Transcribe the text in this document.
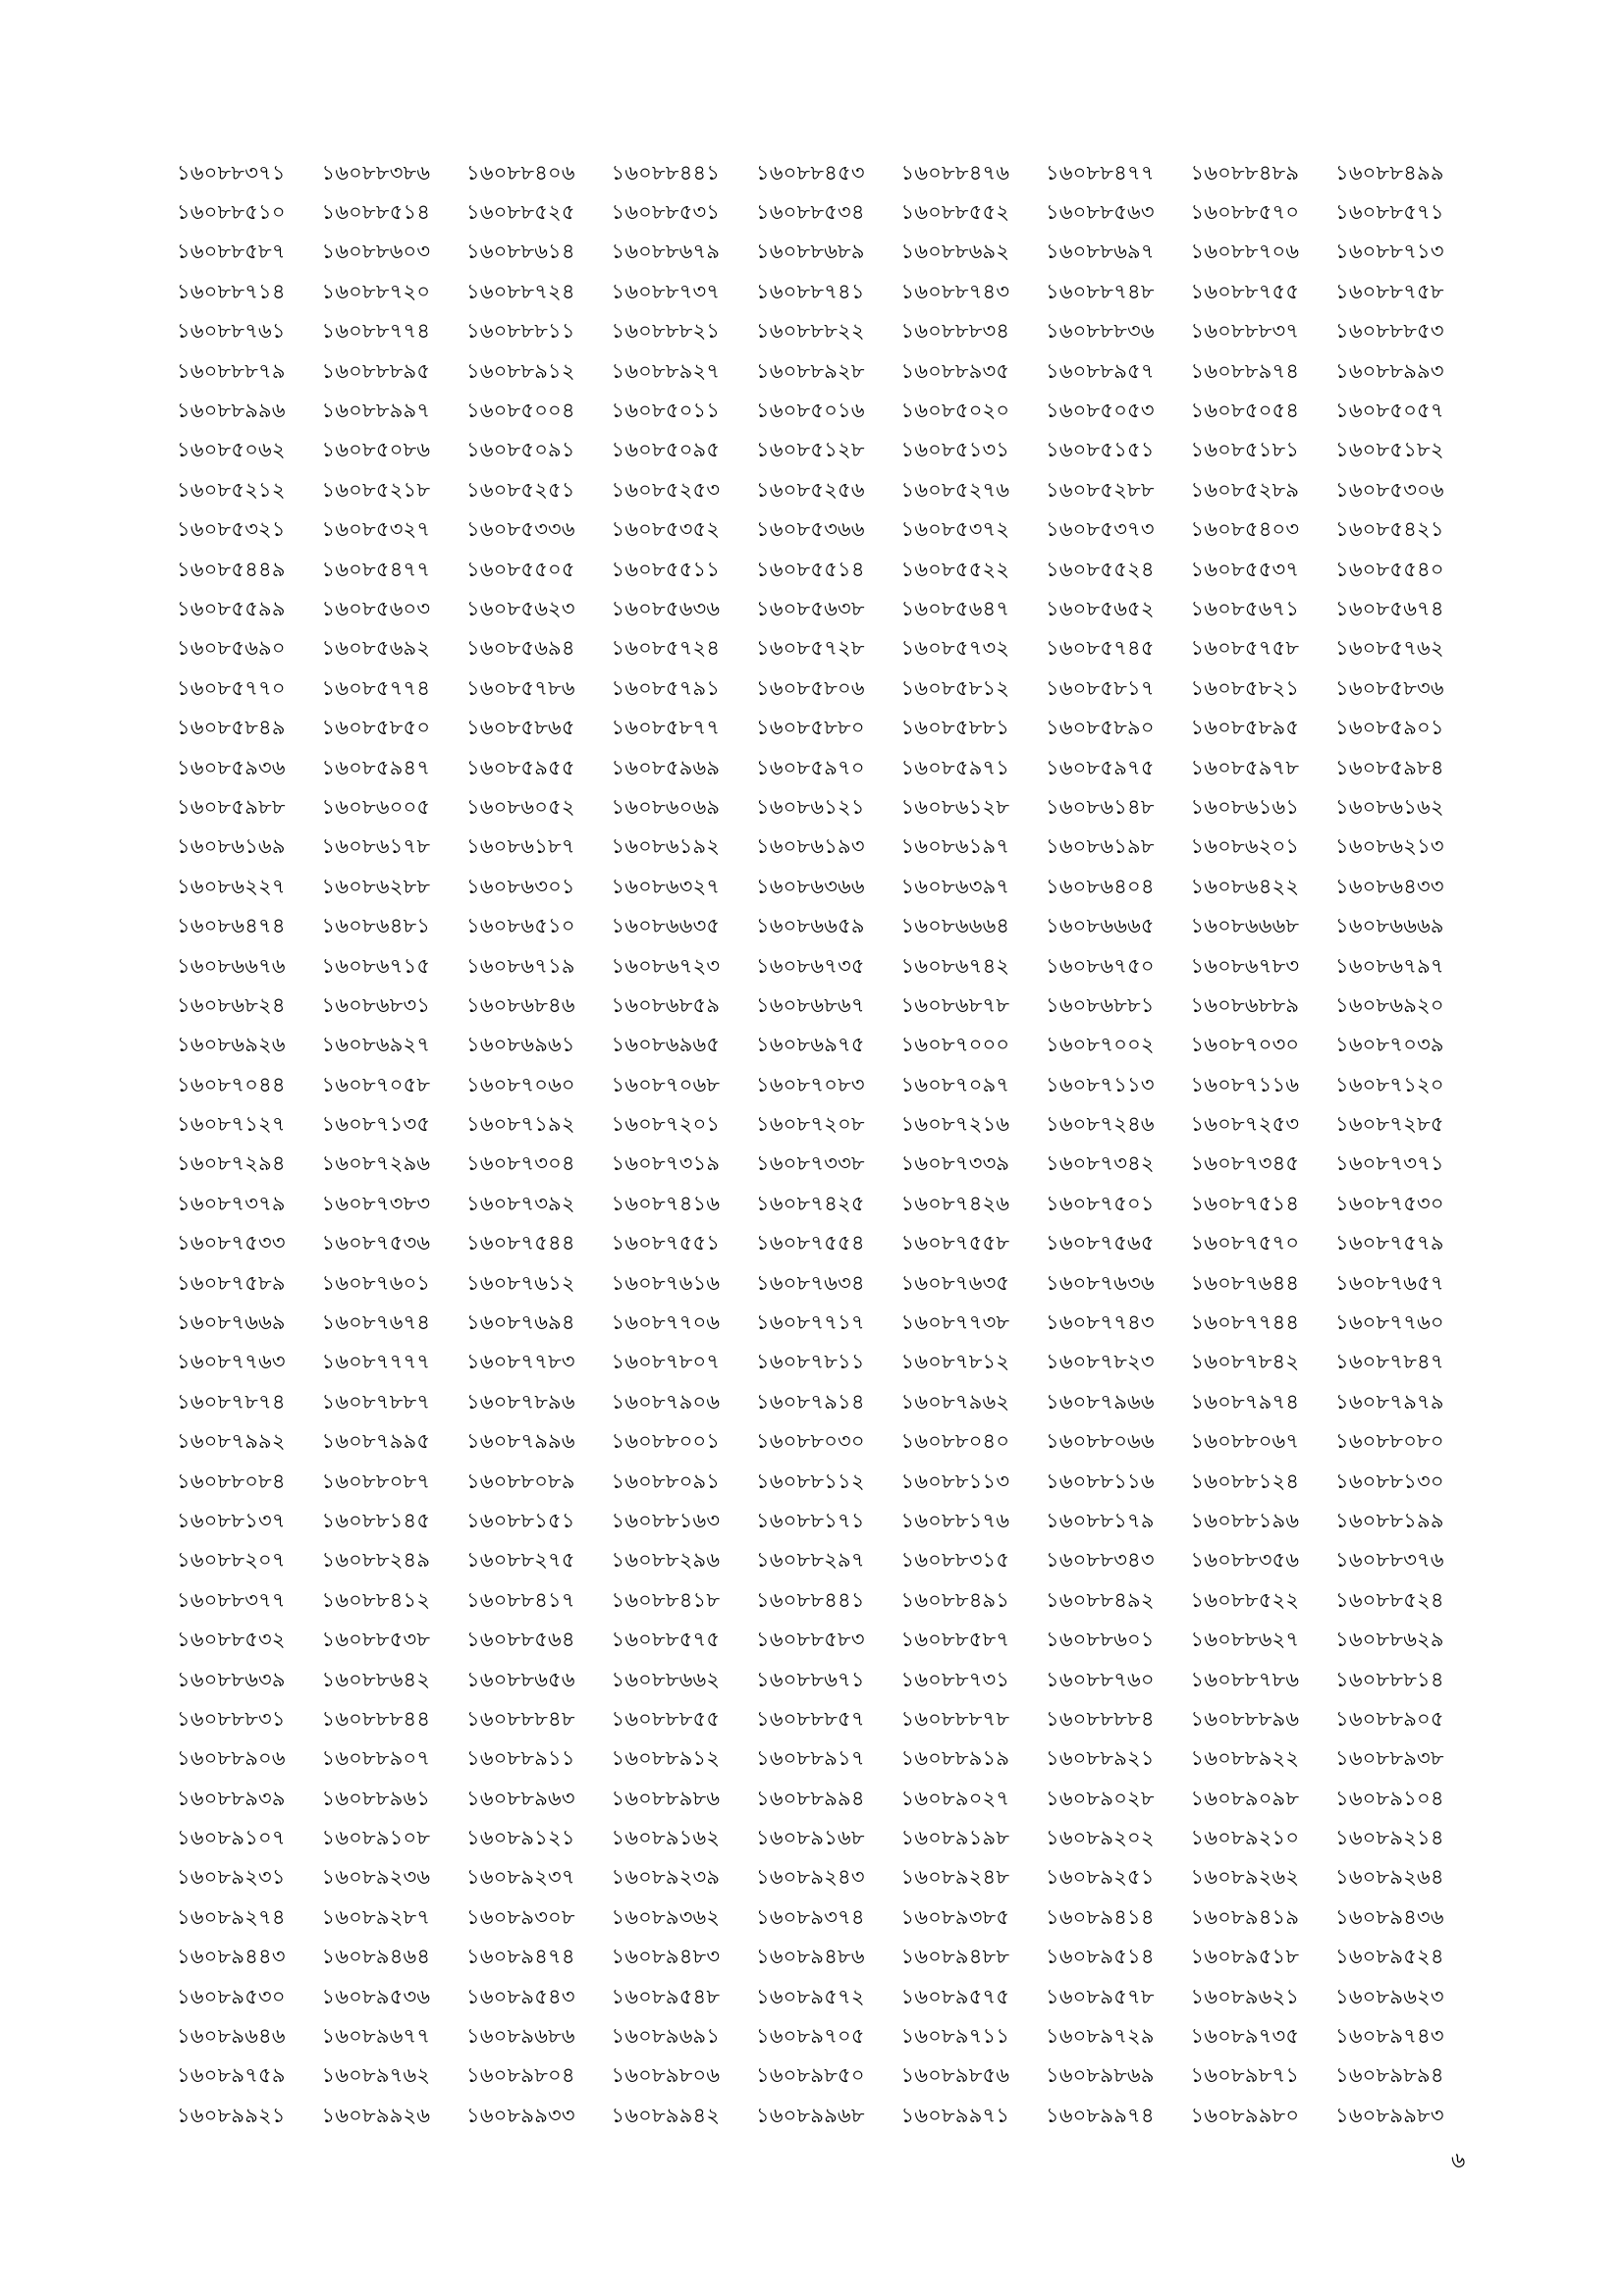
১৬০৮৮৩৭১	১৬০৮৮৩৮৬	১৬০৮৮৪০৬	১৬০৮৮৪৪১	১৬০৮৮৪৫৩	১৬০৮৮৪৭৬	১৬০৮৮৪৭৭	১৬০৮৮৪৮৯	১৬০৮৮৪৯৯
১৬০৮৮৫১০	১৬০৮৮৫১৪	১৬০৮৮৫২৫	১৬০৮৮৫৩১	১৬০৮৮৫৩৪	১৬০৮৮৫৫২	১৬০৮৮৫৬৩	১৬০৮৮৫৭০	১৬০৮৮৫৭১
১৬০৮৮৫৮৭	১৬০৮৮৬০৩	১৬০৮৮৬১৪	১৬০৮৮৬৭৯	১৬০৮৮৬৮৯	১৬০৮৮৬৯২	১৬০৮৮৬৯৭	১৬০৮৮৭০৬	১৬০৮৮৭১৩
১৬০৮৮৭১৪	১৬০৮৮৭২০	১৬০৮৮৭২৪	১৬০৮৮৭৩৭	১৬০৮৮৭৪১	১৬০৮৮৭৪৩	১৬০৮৮৭৪৮	১৬০৮৮৭৫৫	১৬০৮৮৭৫৮
১৬০৮৮৭৬১	১৬০৮৮৭৭৪	১৬০৮৮৮১১	১৬০৮৮৮২১	১৬০৮৮৮২২	১৬০৮৮৮৩৪	১৬০৮৮৮৩৬	১৬০৮৮৮৩৭	১৬০৮৮৮৫৩
১৬০৮৮৮৭৯	১৬০৮৮৮৯৫	১৬০৮৮৯১২	১৬০৮৮৯২৭	১৬০৮৮৯২৮	১৬০৮৮৯৩৫	১৬০৮৮৯৫৭	১৬০৮৮৯৭৪	১৬০৮৮৯৯৩
১৬০৮৮৯৯৬	১৬০৮৮৯৯৭	১৬০৮৫০০৪	১৬০৮৫০১১	১৬০৮৫০১৬	১৬০৮৫০২০	১৬০৮৫০৫৩	১৬০৮৫০৫৪	১৬০৮৫০৫৭
১৬০৮৫০৬২	১৬০৮৫০৮৬	১৬০৮৫০৯১	১৬০৮৫০৯৫	১৬০৮৫১২৮	১৬০৮৫১৩১	১৬০৮৫১৫১	১৬০৮৫১৮১	১৬০৮৫১৮২
১৬০৮৫২১২	১৬০৮৫২১৮	১৬০৮৫২৫১	১৬০৮৫২৫৩	১৬০৮৫২৫৬	১৬০৮৫২৭৬	১৬০৮৫২৮৮	১৬০৮৫২৮৯	১৬০৮৫৩০৬
১৬০৮৫৩২১	১৬০৮৫৩২৭	১৬০৮৫৩৩৬	১৬০৮৫৩৫২	১৬০৮৫৩৬৬	১৬০৮৫৩৭২	১৬০৮৫৩৭৩	১৬০৮৫৪০৩	১৬০৮৫৪২১
১৬০৮৫৪৪৯	১৬০৮৫৪৭৭	১৬০৮৫৫০৫	১৬০৮৫৫১১	১৬০৮৫৫১৪	১৬০৮৫৫২২	১৬০৮৫৫২৪	১৬০৮৫৫৩৭	১৬০৮৫৫৪০
১৬০৮৫৫৯৯	১৬০৮৫৬০৩	১৬০৮৫৬২৩	১৬০৮৫৬৩৬	১৬০৮৫৬৩৮	১৬০৮৫৬৪৭	১৬০৮৫৬৫২	১৬০৮৫৬৭১	১৬০৮৫৬৭৪
১৬০৮৫৬৯০	১৬০৮৫৬৯২	১৬০৮৫৬৯৪	১৬০৮৫৭২৪	১৬০৮৫৭২৮	১৬০৮৫৭৩২	১৬০৮৫৭৪৫	১৬০৮৫৭৫৮	১৬০৮৫৭৬২
১৬০৮৫৭৭০	১৬০৮৫৭৭৪	১৬০৮৫৭৮৬	১৬০৮৫৭৯১	১৬০৮৫৮০৬	১৬০৮৫৮১২	১৬০৮৫৮১৭	১৬০৮৫৮২১	১৬০৮৫৮৩৬
১৬০৮৫৮৪৯	১৬০৮৫৮৫০	১৬০৮৫৮৬৫	১৬০৮৫৮৭৭	১৬০৮৫৮৮০	১৬০৮৫৮৮১	১৬০৮৫৮৯০	১৬০৮৫৮৯৫	১৬০৮৫৯০১
১৬০৮৫৯৩৬	১৬০৮৫৯৪৭	১৬০৮৫৯৫৫	১৬০৮৫৯৬৯	১৬০৮৫৯৭০	১৬০৮৫৯৭১	১৬০৮৫৯৭৫	১৬০৮৫৯৭৮	১৬০৮৫৯৮৪
১৬০৮৫৯৮৮	১৬০৮৬০০৫	১৬০৮৬০৫২	১৬০৮৬০৬৯	১৬০৮৬১২১	১৬০৮৬১২৮	১৬০৮৬১৪৮	১৬০৮৬১৬১	১৬০৮৬১৬২
১৬০৮৬১৬৯	১৬০৮৬১৭৮	১৬০৮৬১৮৭	১৬০৮৬১৯২	১৬০৮৬১৯৩	১৬০৮৬১৯৭	১৬০৮৬১৯৮	১৬০৮৬২০১	১৬০৮৬২১৩
১৬০৮৬২২৭	১৬০৮৬২৮৮	১৬০৮৬৩০১	১৬০৮৬৩২৭	১৬০৮৬৩৬৬	১৬০৮৬৩৯৭	১৬০৮৬৪০৪	১৬০৮৬৪২২	১৬০৮৬৪৩৩
১৬০৮৬৪৭৪	১৬০৮৬৪৮১	১৬০৮৬৫১০	১৬০৮৬৬৩৫	১৬০৮৬৬৫৯	১৬০৮৬৬৬৪	১৬০৮৬৬৬৫	১৬০৮৬৬৬৮	১৬০৮৬৬৬৯
১৬০৮৬৬৭৬	১৬০৮৬৭১৫	১৬০৮৬৭১৯	১৬০৮৬৭২৩	১৬০৮৬৭৩৫	১৬০৮৬৭৪২	১৬০৮৬৭৫০	১৬০৮৬৭৮৩	১৬০৮৬৭৯৭
১৬০৮৬৮২৪	১৬০৮৬৮৩১	১৬০৮৬৮৪৬	১৬০৮৬৮৫৯	১৬০৮৬৮৬৭	১৬০৮৬৮৭৮	১৬০৮৬৮৮১	১৬০৮৬৮৮৯	১৬০৮৬৯২০
১৬০৮৬৯২৬	১৬০৮৬৯২৭	১৬০৮৬৯৬১	১৬০৮৬৯৬৫	১৬০৮৬৯৭৫	১৬০৮৭০০০	১৬০৮৭০০২	১৬০৮৭০৩০	১৬০৮৭০৩৯
১৬০৮৭০৪৪	১৬০৮৭০৫৮	১৬০৮৭০৬০	১৬০৮৭০৬৮	১৬০৮৭০৮৩	১৬০৮৭০৯৭	১৬০৮৭১১৩	১৬০৮৭১১৬	১৬০৮৭১২০
১৬০৮৭১২৭	১৬০৮৭১৩৫	১৬০৮৭১৯২	১৬০৮৭২০১	১৬০৮৭২০৮	১৬০৮৭২১৬	১৬০৮৭২৪৬	১৬০৮৭২৫৩	১৬০৮৭২৮৫
১৬০৮৭২৯৪	১৬০৮৭২৯৬	১৬০৮৭৩০৪	১৬০৮৭৩১৯	১৬০৮৭৩৩৮	১৬০৮৭৩৩৯	১৬০৮৭৩৪২	১৬০৮৭৩৪৫	১৬০৮৭৩৭১
১৬০৮৭৩৭৯	১৬০৮৭৩৮৩	১৬০৮৭৩৯২	১৬০৮৭৪১৬	১৬০৮৭৪২৫	১৬০৮৭৪২৬	১৬০৮৭৫০১	১৬০৮৭৫১৪	১৬০৮৭৫৩০
১৬০৮৭৫৩৩	১৬০৮৭৫৩৬	১৬০৮৭৫৪৪	১৬০৮৭৫৫১	১৬০৮৭৫৫৪	১৬০৮৭৫৫৮	১৬০৮৭৫৬৫	১৬০৮৭৫৭০	১৬০৮৭৫৭৯
১৬০৮৭৫৮৯	১৬০৮৭৬০১	১৬০৮৭৬১২	১৬০৮৭৬১৬	১৬০৮৭৬৩৪	১৬০৮৭৬৩৫	১৬০৮৭৬৩৬	১৬০৮৭৬৪৪	১৬০৮৭৬৫৭
১৬০৮৭৬৬৯	১৬০৮৭৬৭৪	১৬০৮৭৬৯৪	১৬০৮৭৭০৬	১৬০৮৭৭১৭	১৬০৮৭৭৩৮	১৬০৮৭৭৪৩	১৬০৮৭৭৪৪	১৬০৮৭৭৬০
১৬০৮৭৭৬৩	১৬০৮৭৭৭৭	১৬০৮৭৭৮৩	১৬০৮৭৮০৭	১৬০৮৭৮১১	১৬০৮৭৮১২	১৬০৮৭৮২৩	১৬০৮৭৮৪২	১৬০৮৭৮৪৭
১৬০৮৭৮৭৪	১৬০৮৭৮৮৭	১৬০৮৭৮৯৬	১৬০৮৭৯০৬	১৬০৮৭৯১৪	১৬০৮৭৯৬২	১৬০৮৭৯৬৬	১৬০৮৭৯৭৪	১৬০৮৭৯৭৯
১৬০৮৭৯৯২	১৬০৮৭৯৯৫	১৬০৮৭৯৯৬	১৬০৮৮০০১	১৬০৮৮০৩০	১৬০৮৮০৪০	১৬০৮৮০৬৬	১৬০৮৮০৬৭	১৬০৮৮০৮০
১৬০৮৮০৮৪	১৬০৮৮০৮৭	১৬০৮৮০৮৯	১৬০৮৮০৯১	১৬০৮৮১১২	১৬০৮৮১১৩	১৬০৮৮১১৬	১৬০৮৮১২৪	১৬০৮৮১৩০
১৬০৮৮১৩৭	১৬০৮৮১৪৫	১৬০৮৮১৫১	১৬০৮৮১৬৩	১৬০৮৮১৭১	১৬০৮৮১৭৬	১৬০৮৮১৭৯	১৬০৮৮১৯৬	১৬০৮৮১৯৯
১৬০৮৮২০৭	১৬০৮৮২৪৯	১৬০৮৮২৭৫	১৬০৮৮২৯৬	১৬০৮৮২৯৭	১৬০৮৮৩১৫	১৬০৮৮৩৪৩	১৬০৮৮৩৫৬	১৬০৮৮৩৭৬
১৬০৮৮৩৭৭	১৬০৮৮৪১২	১৬০৮৮৪১৭	১৬০৮৮৪১৮	১৬০৮৮৪৪১	১৬০৮৮৪৯১	১৬০৮৮৪৯২	১৬০৮৮৫২২	১৬০৮৮৫২৪
১৬০৮৮৫৩২	১৬০৮৮৫৩৮	১৬০৮৮৫৬৪	১৬০৮৮৫৭৫	১৬০৮৮৫৮৩	১৬০৮৮৫৮৭	১৬০৮৮৬০১	১৬০৮৮৬২৭	১৬০৮৮৬২৯
১৬০৮৮৬৩৯	১৬০৮৮৬৪২	১৬০৮৮৬৫৬	১৬০৮৮৬৬২	১৬০৮৮৬৭১	১৬০৮৮৭৩১	১৬০৮৮৭৬০	১৬০৮৮৭৮৬	১৬০৮৮৮১৪
১৬০৮৮৮৩১	১৬০৮৮৮৪৪	১৬০৮৮৮৪৮	১৬০৮৮৮৫৫	১৬০৮৮৮৫৭	১৬০৮৮৮৭৮	১৬০৮৮৮৮৪	১৬০৮৮৮৯৬	১৬০৮৮৯০৫
১৬০৮৮৯০৬	১৬০৮৮৯০৭	১৬০৮৮৯১১	১৬০৮৮৯১২	১৬০৮৮৯১৭	১৬০৮৮৯১৯	১৬০৮৮৯২১	১৬০৮৮৯২২	১৬০৮৮৯৩৮
১৬০৮৮৯৩৯	১৬০৮৮৯৬১	১৬০৮৮৯৬৩	১৬০৮৮৯৮৬	১৬০৮৮৯৯৪	১৬০৮৯০২৭	১৬০৮৯০২৮	১৬০৮৯০৯৮	১৬০৮৯১০৪
১৬০৮৯১০৭	১৬০৮৯১০৮	১৬০৮৯১২১	১৬০৮৯১৬২	১৬০৮৯১৬৮	১৬০৮৯১৯৮	১৬০৮৯২০২	১৬০৮৯২১০	১৬০৮৯২১৪
১৬০৮৯২৩১	১৬০৮৯২৩৬	১৬০৮৯২৩৭	১৬০৮৯২৩৯	১৬০৮৯২৪৩	১৬০৮৯২৪৮	১৬০৮৯২৫১	১৬০৮৯২৬২	১৬০৮৯২৬৪
১৬০৮৯২৭৪	১৬০৮৯২৮৭	১৬০৮৯৩০৮	১৬০৮৯৩৬২	১৬০৮৯৩৭৪	১৬০৮৯৩৮৫	১৬০৮৯৪১৪	১৬০৮৯৪১৯	১৬০৮৯৪৩৬
১৬০৮৯৪৪৩	১৬০৮৯৪৬৪	১৬০৮৯৪৭৪	১৬০৮৯৪৮৩	১৬০৮৯৪৮৬	১৬০৮৯৪৮৮	১৬০৮৯৫১৪	১৬০৮৯৫১৮	১৬০৮৯৫২৪
১৬০৮৯৫৩০	১৬০৮৯৫৩৬	১৬০৮৯৫৪৩	১৬০৮৯৫৪৮	১৬০৮৯৫৭২	১৬০৮৯৫৭৫	১৬০৮৯৫৭৮	১৬০৮৯৬২১	১৬০৮৯৬২৩
১৬০৮৯৬৪৬	১৬০৮৯৬৭৭	১৬০৮৯৬৮৬	১৬০৮৯৬৯১	১৬০৮৯৭০৫	১৬০৮৯৭১১	১৬০৮৯৭২৯	১৬০৮৯৭৩৫	১৬০৮৯৭৪৩
১৬০৮৯৭৫৯	১৬০৮৯৭৬২	১৬০৮৯৮০৪	১৬০৮৯৮০৬	১৬০৮৯৮৫০	১৬০৮৯৮৫৬	১৬০৮৯৮৬৯	১৬০৮৯৮৭১	১৬০৮৯৮৯৪
১৬০৮৯৯২১	১৬০৮৯৯২৬	১৬০৮৯৯৩৩	১৬০৮৯৯৪২	১৬০৮৯৯৬৮	১৬০৮৯৯৭১	১৬০৮৯৯৭৪	১৬০৮৯৯৮০	১৬০৮৯৯৮৩
৬
